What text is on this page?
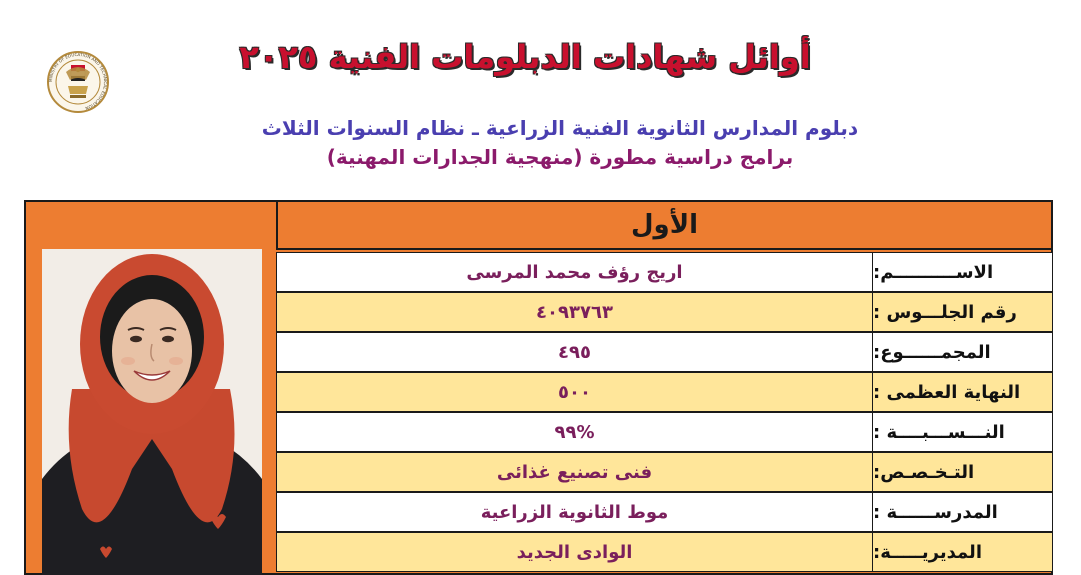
MINISTRY OF EDUCATION AND TECHNICAL EDUCATION
أوائل شهادات الدبلومات الفنية ٢٠٢٥
دبلوم المدارس الثانوية الفنية الزراعية ـ نظام السنوات الثلاث
برامج دراسية مطورة (منهجية الجدارات المهنية)
الأول
اريج رؤف محمد المرسى	الاســــــــــم:
٤٠٩٣٧٦٣	رقم الجلـــوس :
٤٩٥	المجمــــــوع:
٥٠٠	النهاية العظمى :
%٩٩	النـــســـبــــة :
فنى تصنيع غذائى	التـخـصـص:
موط الثانوية الزراعية	المدرســــــة :
الوادى الجديد	المديريـــــة:
